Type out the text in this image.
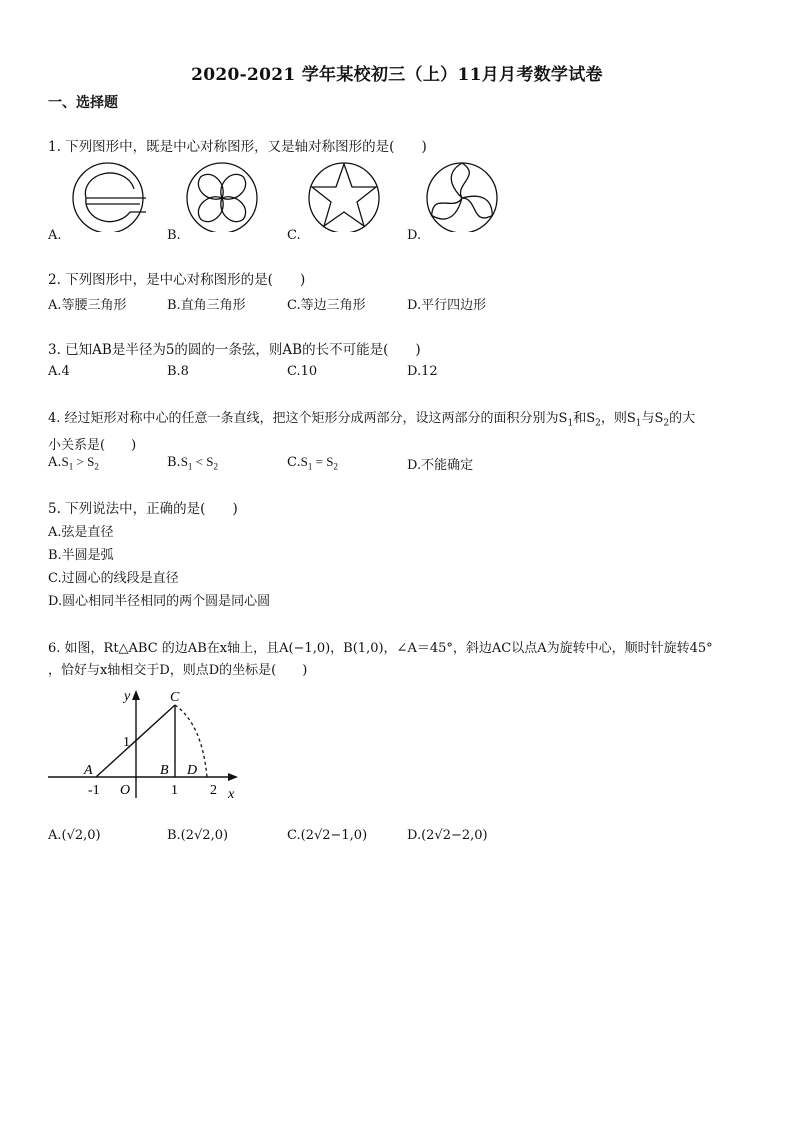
2020-2021 学年某校初三（上）11月月考数学试卷
一、选择题
1. 下列图形中，既是中心对称图形，又是轴对称图形的是(　　)
A.	B.	C.	D.
2. 下列图形中，是中心对称图形的是(　　)
A.等腰三角形	B.直角三角形	C.等边三角形	D.平行四边形
3. 已知AB是半径为5的圆的一条弦，则AB的长不可能是(　　)
A.4	B.8	C.10	D.12
4. 经过矩形对称中心的任意一条直线，把这个矩形分成两部分，设这两部分的面积分别为$S_1$和$S_2$，则$S_1$与$S_2$的大
小关系是(　　)
$A.S_1 > S_2$	$B.S_1 < S_2$	$C.S_1 = S_2$	D.不能确定
5. 下列说法中，正确的是(　　)
A.弦是直径
B.半圆是弧
C.过圆心的线段是直径
D.圆心相同半径相同的两个圆是同心圆
6. 如图，Rt△ABC 的边AB在x轴上，且A(−1,0)，B(1,0)，∠A＝45°，斜边AC以点A为旋转中心，顺时针旋转45°
，恰好与x轴相交于D，则点D的坐标是(　　)
y	C
1
A	B D
-1 O	1 2 x
A.(√2,0)	B.(2√2,0)	C.(2√2−1,0)	D.(2√2−2,0)
